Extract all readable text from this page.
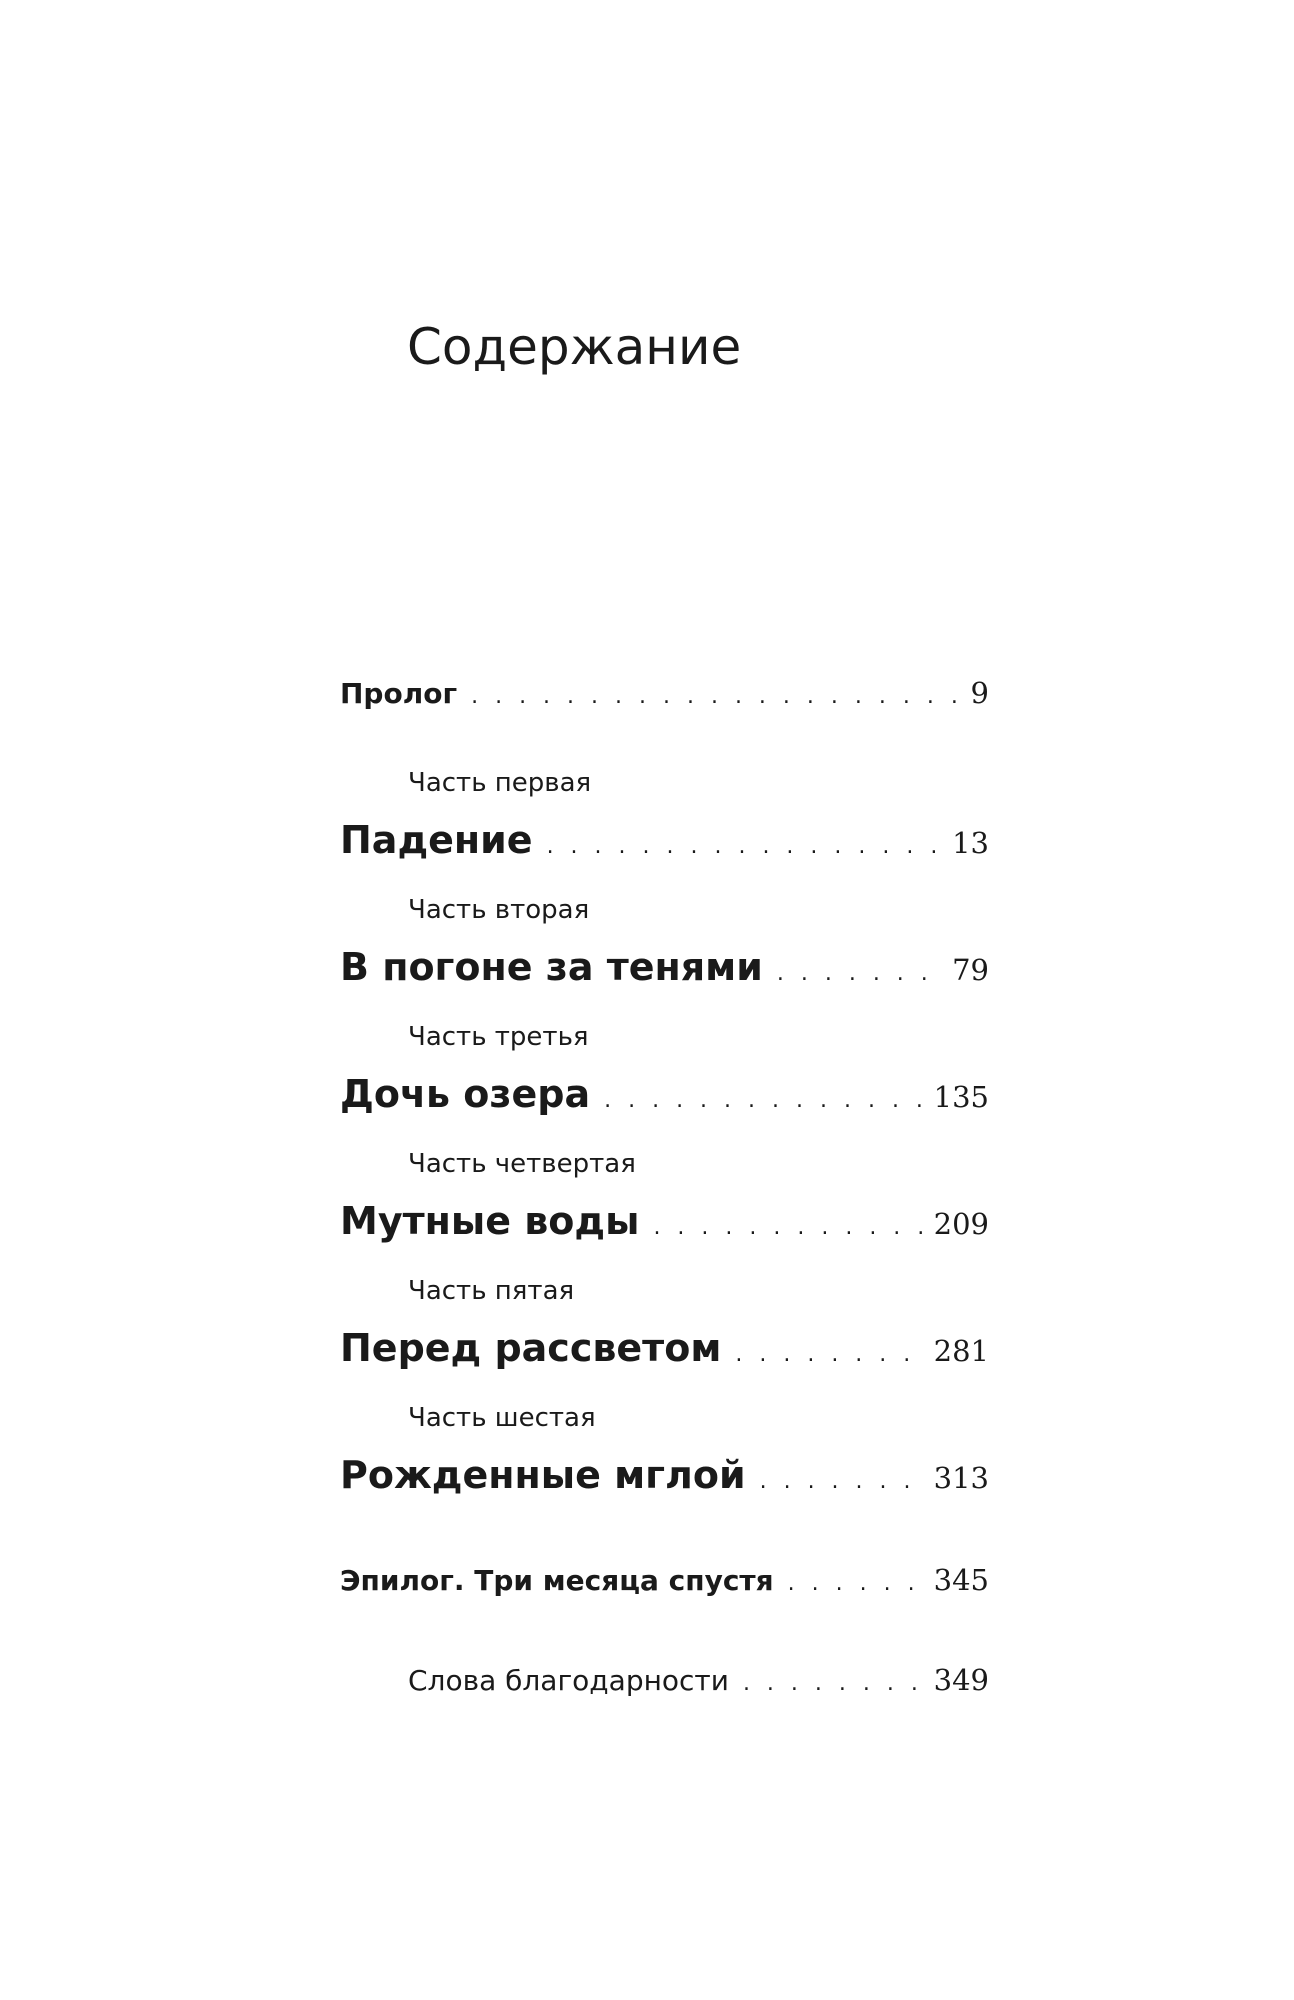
Содержание
Пролог . . .	9
Часть первая
Падение . . .	13
Часть вторая
В погоне за тенями . . .	79
Часть третья
Дочь озера . . .	135
Часть четвертая
Мутные воды . . .	209
Часть пятая
Перед рассветом . . .	281
Часть шестая
Рожденные мглой . . .	313
Эпилог. Три месяца спустя . . .	345
Слова благодарности . . .	349
